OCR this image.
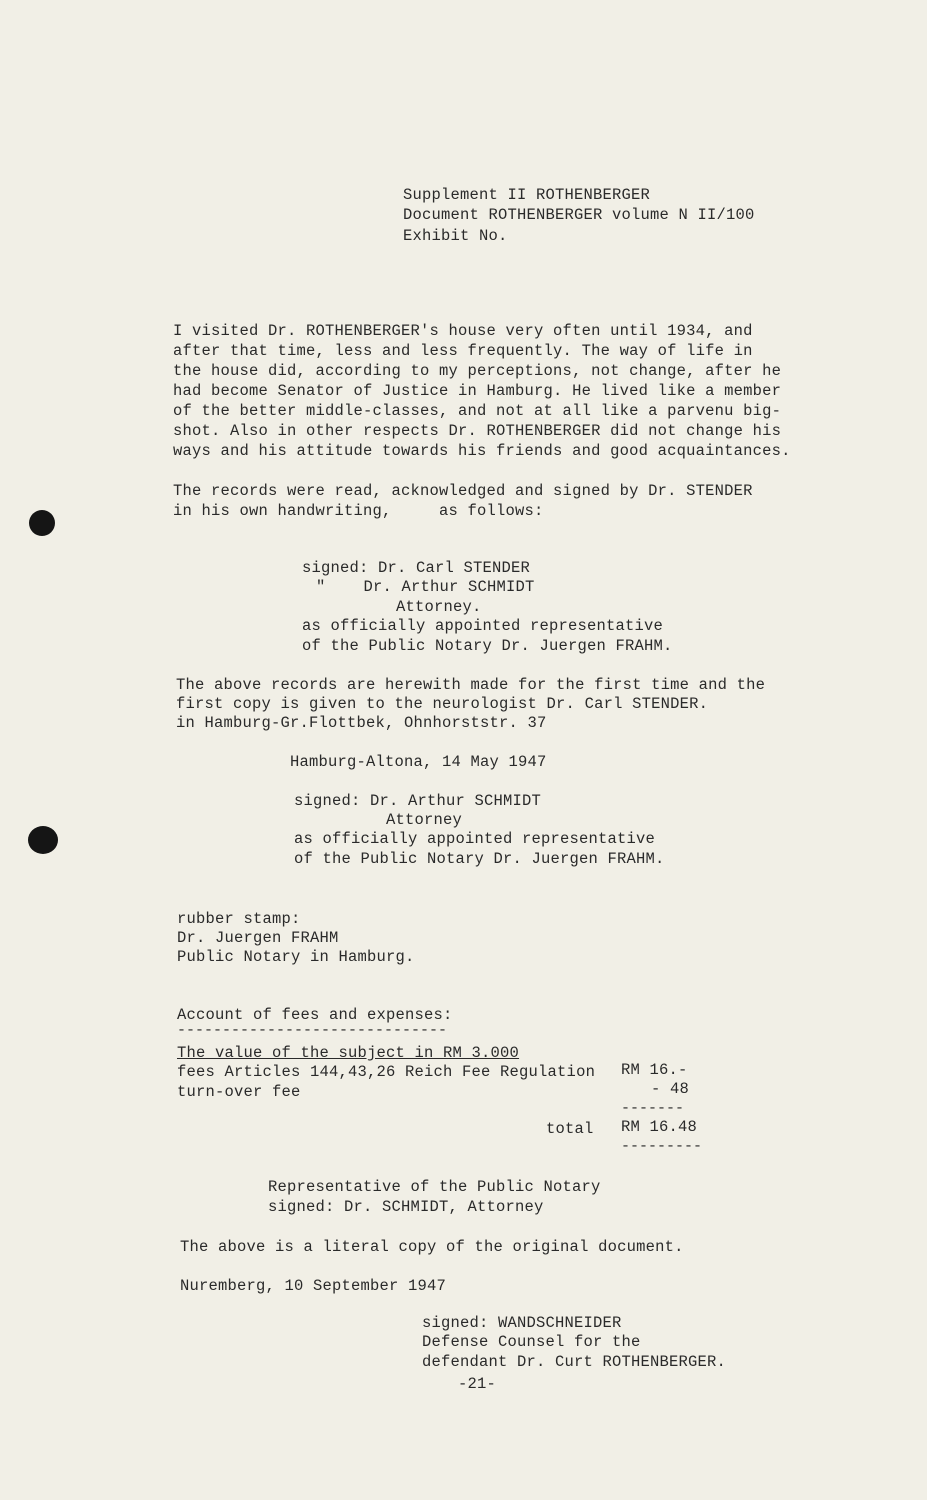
Supplement II ROTHENBERGER
Document ROTHENBERGER volume N II/100
Exhibit No.
I visited Dr. ROTHENBERGER's house very often until 1934, and
after that time, less and less frequently. The way of life in
the house did, according to my perceptions, not change, after he
had become Senator of Justice in Hamburg. He lived like a member
of the better middle-classes, and not at all like a parvenu big-
shot. Also in other respects Dr. ROTHENBERGER did not change his
ways and his attitude towards his friends and good acquaintances.
The records were read, acknowledged and signed by Dr. STENDER
in his own handwriting,     as follows:
signed: Dr. Carl STENDER
"    Dr. Arthur SCHMIDT
Attorney.
as officially appointed representative
of the Public Notary Dr. Juergen FRAHM.
The above records are herewith made for the first time and the
first copy is given to the neurologist Dr. Carl STENDER.
in Hamburg-Gr.Flottbek, Ohnhorststr. 37
Hamburg-Altona, 14 May 1947
signed: Dr. Arthur SCHMIDT
Attorney
as officially appointed representative
of the Public Notary Dr. Juergen FRAHM.
rubber stamp:
Dr. Juergen FRAHM
Public Notary in Hamburg.
Account of fees and expenses:
------------------------------
The value of the subject in RM 3.000
fees Articles 144,43,26 Reich Fee Regulation RM 16.-
turn-over fee	- 48
-------
total RM 16.48
---------
Representative of the Public Notary
signed: Dr. SCHMIDT, Attorney
The above is a literal copy of the original document.
Nuremberg, 10 September 1947
signed: WANDSCHNEIDER
Defense Counsel for the
defendant Dr. Curt ROTHENBERGER.
-21-
